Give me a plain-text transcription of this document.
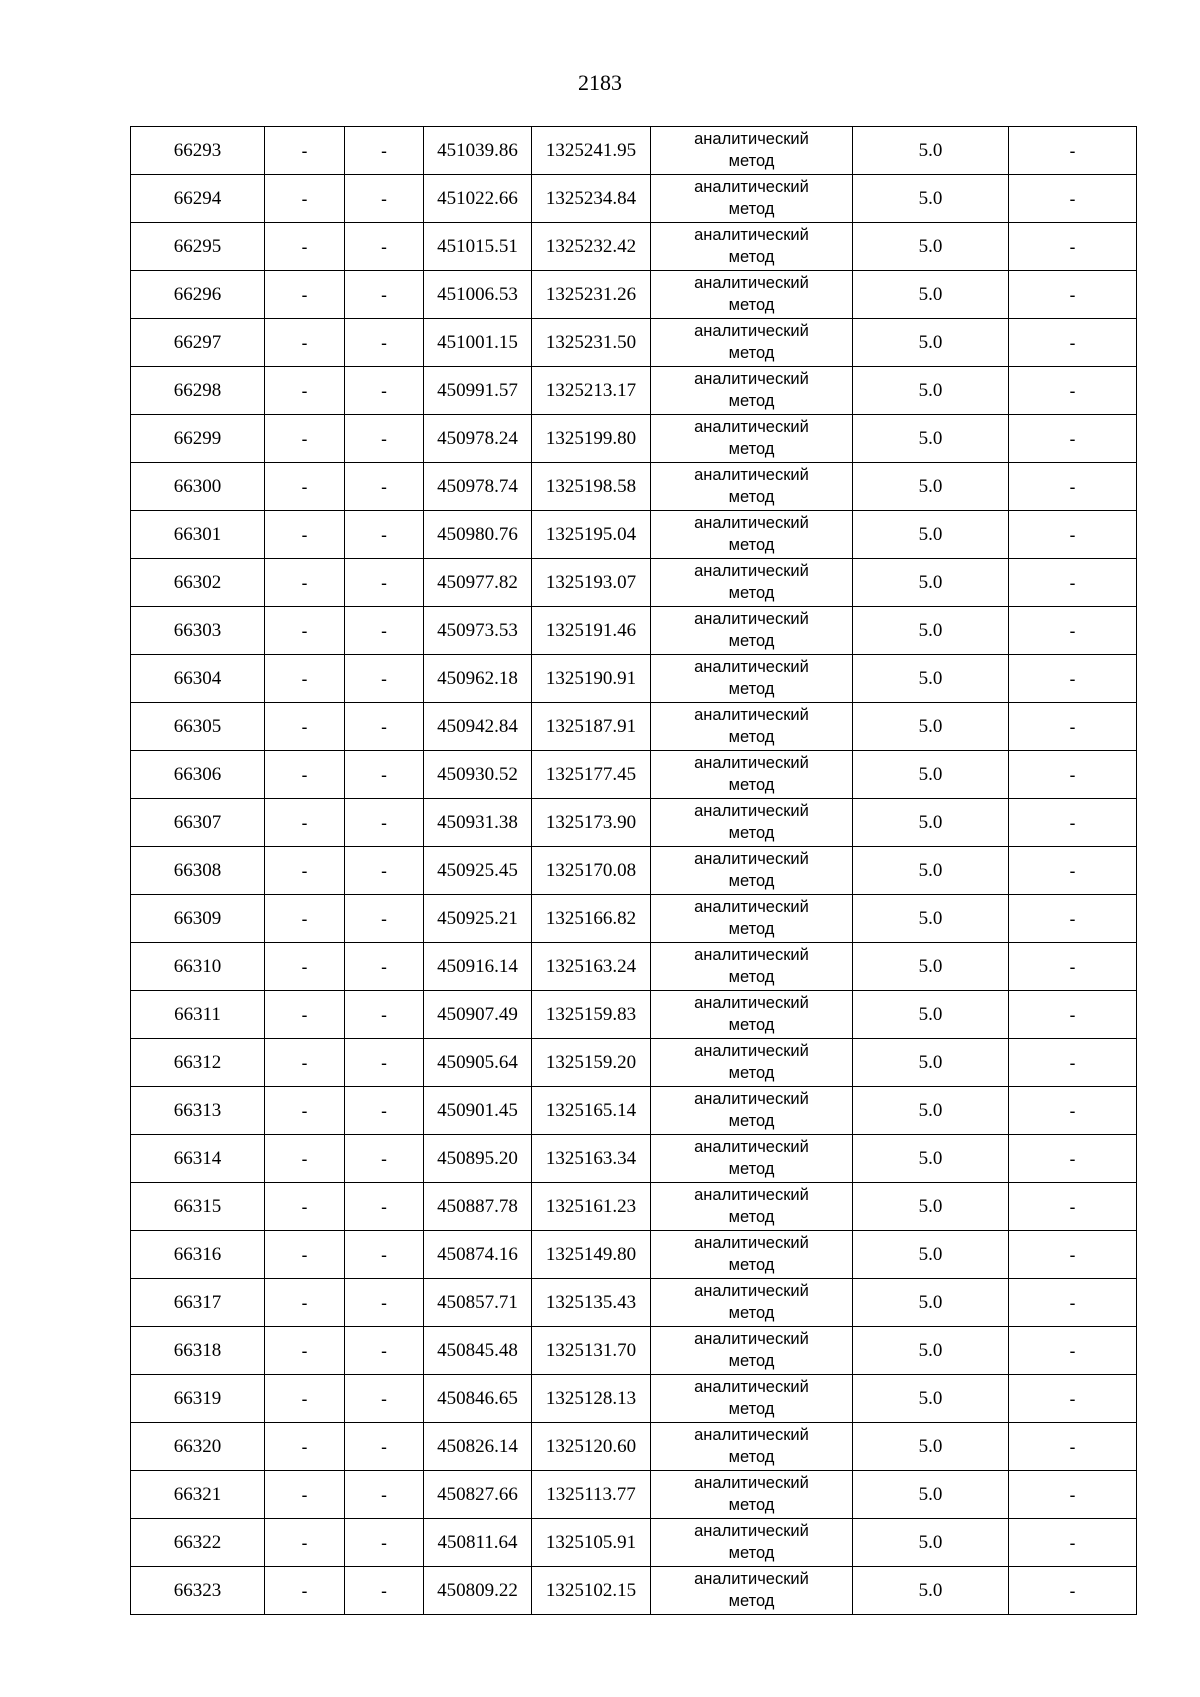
2183
66293	-	-	451039.86	1325241.95	аналитический
метод	5.0	-
66294	-	-	451022.66	1325234.84	аналитический
метод	5.0	-
66295	-	-	451015.51	1325232.42	аналитический
метод	5.0	-
66296	-	-	451006.53	1325231.26	аналитический
метод	5.0	-
66297	-	-	451001.15	1325231.50	аналитический
метод	5.0	-
66298	-	-	450991.57	1325213.17	аналитический
метод	5.0	-
66299	-	-	450978.24	1325199.80	аналитический
метод	5.0	-
66300	-	-	450978.74	1325198.58	аналитический
метод	5.0	-
66301	-	-	450980.76	1325195.04	аналитический
метод	5.0	-
66302	-	-	450977.82	1325193.07	аналитический
метод	5.0	-
66303	-	-	450973.53	1325191.46	аналитический
метод	5.0	-
66304	-	-	450962.18	1325190.91	аналитический
метод	5.0	-
66305	-	-	450942.84	1325187.91	аналитический
метод	5.0	-
66306	-	-	450930.52	1325177.45	аналитический
метод	5.0	-
66307	-	-	450931.38	1325173.90	аналитический
метод	5.0	-
66308	-	-	450925.45	1325170.08	аналитический
метод	5.0	-
66309	-	-	450925.21	1325166.82	аналитический
метод	5.0	-
66310	-	-	450916.14	1325163.24	аналитический
метод	5.0	-
66311	-	-	450907.49	1325159.83	аналитический
метод	5.0	-
66312	-	-	450905.64	1325159.20	аналитический
метод	5.0	-
66313	-	-	450901.45	1325165.14	аналитический
метод	5.0	-
66314	-	-	450895.20	1325163.34	аналитический
метод	5.0	-
66315	-	-	450887.78	1325161.23	аналитический
метод	5.0	-
66316	-	-	450874.16	1325149.80	аналитический
метод	5.0	-
66317	-	-	450857.71	1325135.43	аналитический
метод	5.0	-
66318	-	-	450845.48	1325131.70	аналитический
метод	5.0	-
66319	-	-	450846.65	1325128.13	аналитический
метод	5.0	-
66320	-	-	450826.14	1325120.60	аналитический
метод	5.0	-
66321	-	-	450827.66	1325113.77	аналитический
метод	5.0	-
66322	-	-	450811.64	1325105.91	аналитический
метод	5.0	-
66323	-	-	450809.22	1325102.15	аналитический
метод	5.0	-
